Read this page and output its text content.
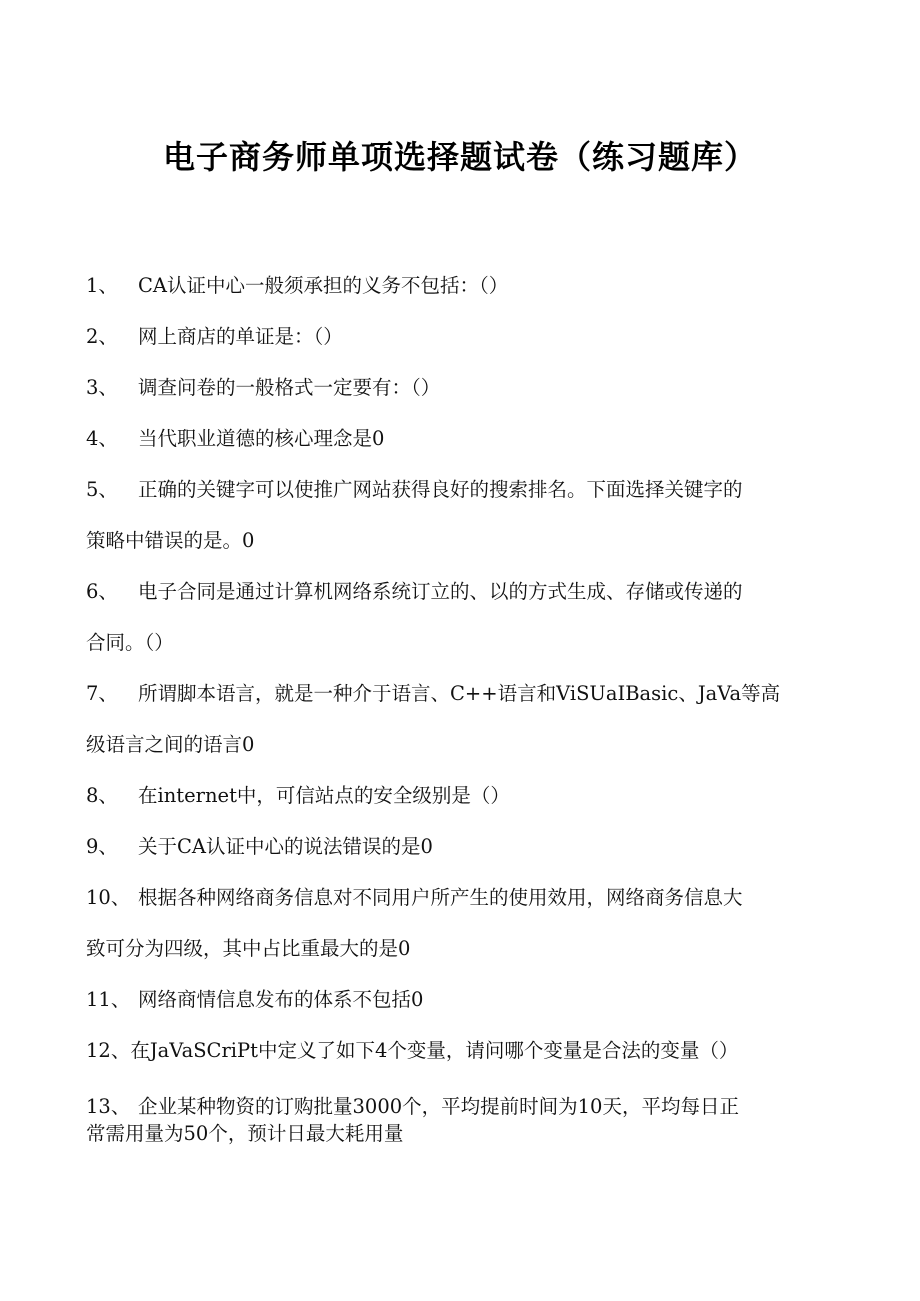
电子商务师单项选择题试卷（练习题库）
1、 CA认证中心一般须承担的义务不包括：（）
2、 网上商店的单证是：（）
3、 调查问卷的一般格式一定要有：（）
4、 当代职业道德的核心理念是0
5、 正确的关键字可以使推广网站获得良好的搜索排名。下面选择关键字的
策略中错误的是。0
6、 电子合同是通过计算机网络系统订立的、以的方式生成、存储或传递的
合同。（）
7、 所谓脚本语言，就是一种介于语言、C++语言和ViSUaIBasic、JaVa等高
级语言之间的语言0
8、 在internet中，可信站点的安全级别是（）
9、 关于CA认证中心的说法错误的是0
10、 根据各种网络商务信息对不同用户所产生的使用效用，网络商务信息大
致可分为四级，其中占比重最大的是0
11、 网络商情信息发布的体系不包括0
12、在JaVaSCriPt中定义了如下4个变量，请问哪个变量是合法的变量（）
13、 企业某种物资的订购批量3000个，平均提前时间为10天，平均每日正
常需用量为50个，预计日最大耗用量
